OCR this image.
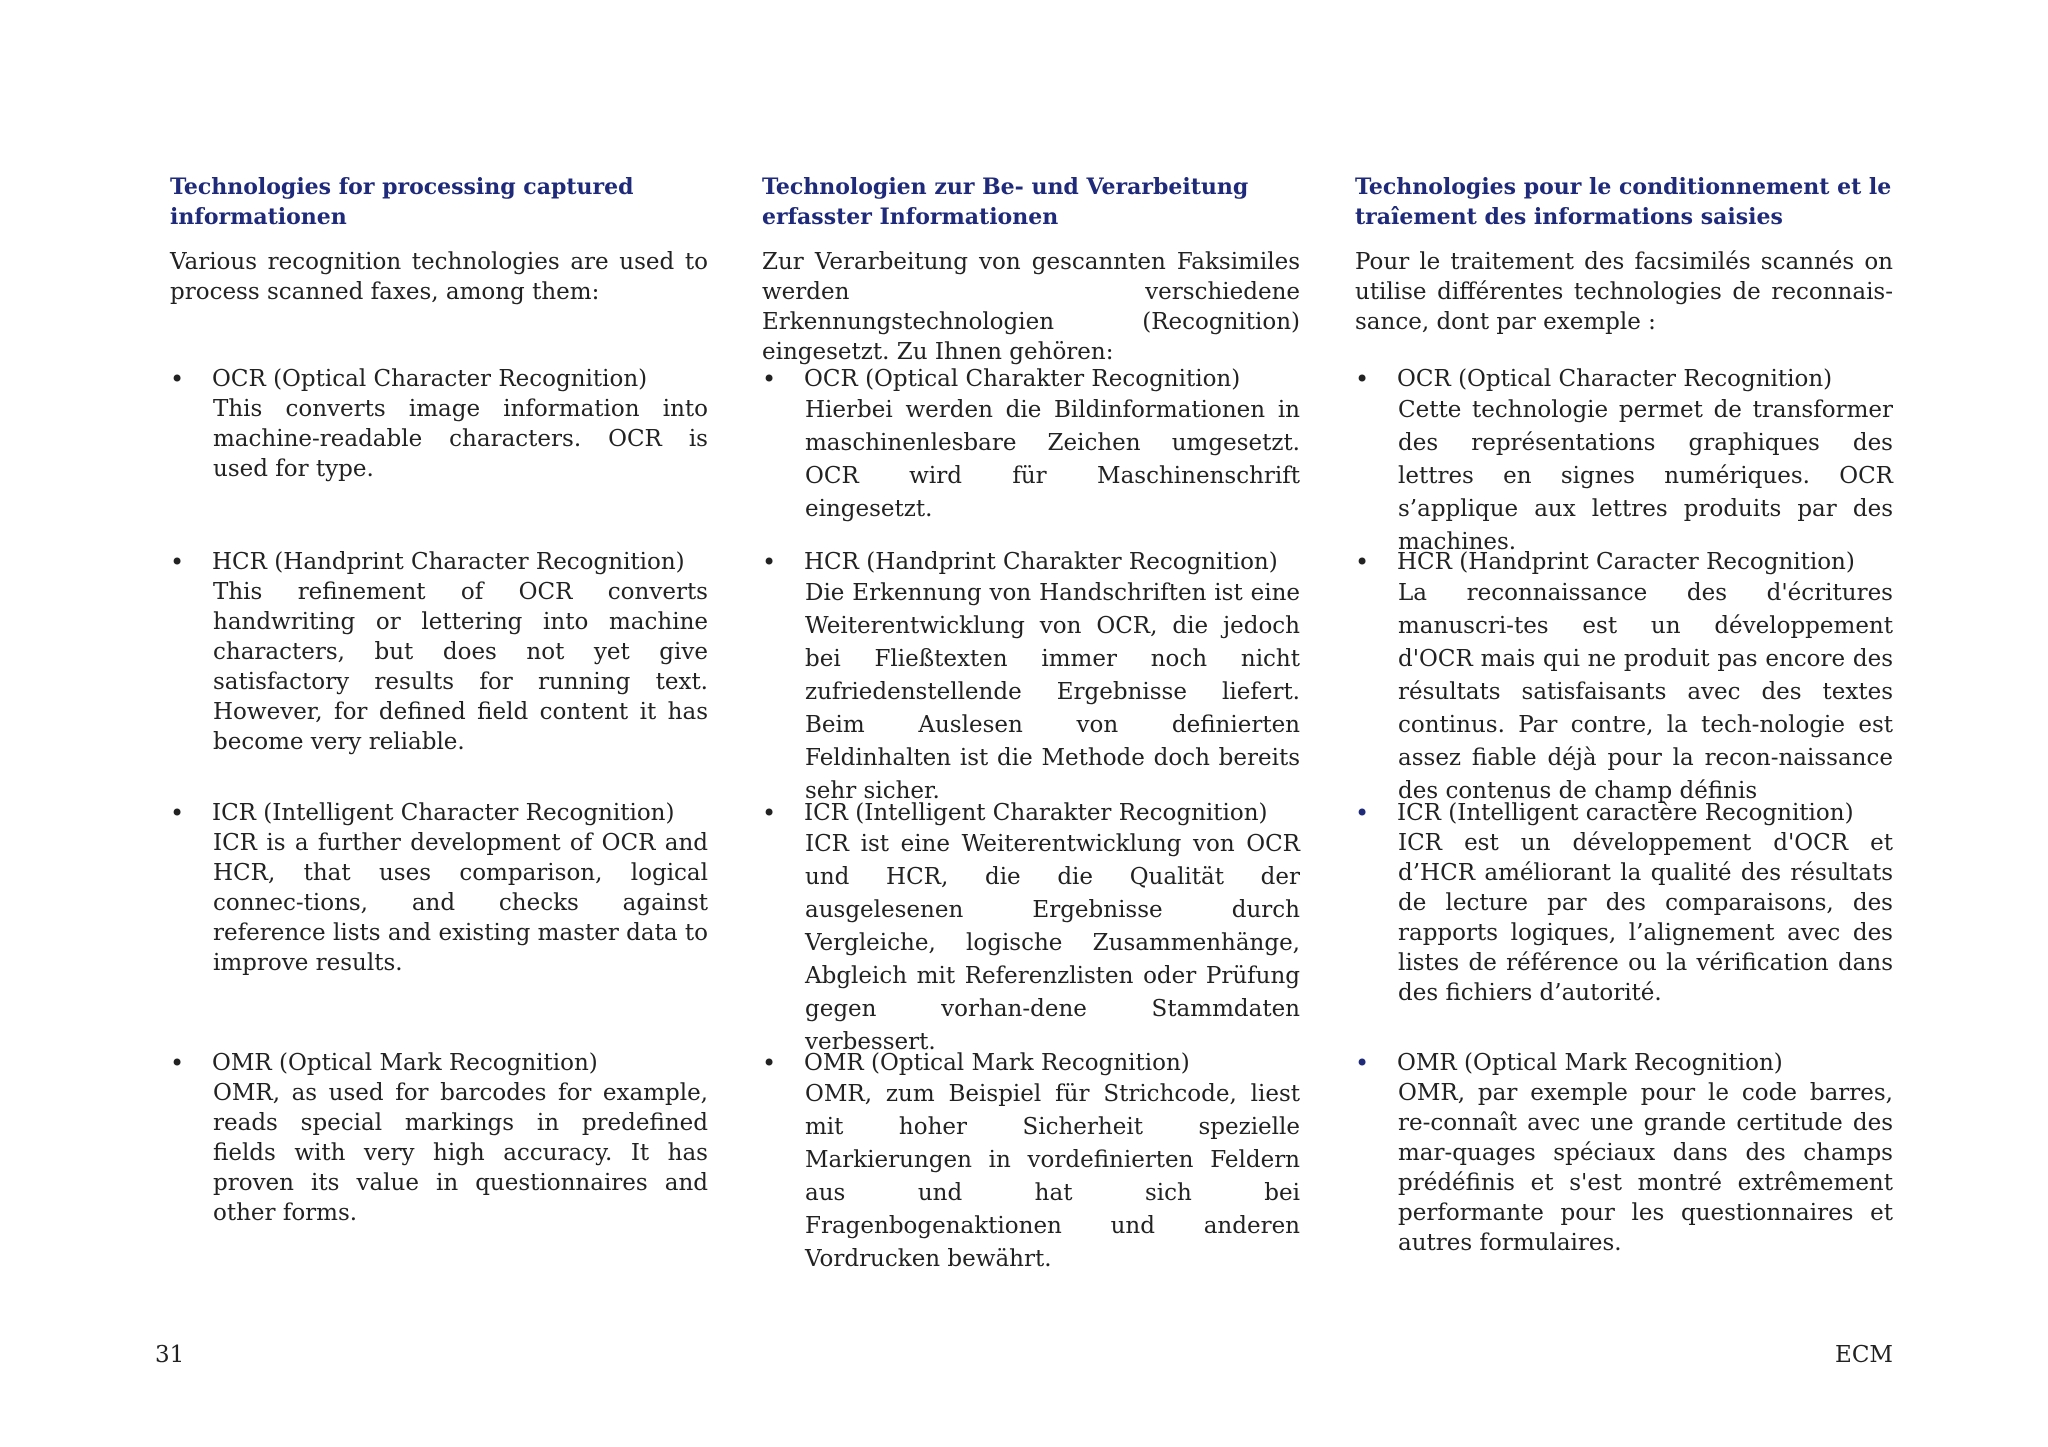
Technologies for processing captured informationen

Various recognition technologies are used to process scanned faxes, among them:

• OCR (Optical Character Recognition)

This converts image information into machine-readable characters. OCR is used for type.

• HCR (Handprint Character Recognition)

This refinement of OCR converts handwriting or lettering into machine characters, but does not yet give satisfactory results for running text. However, for defined field content it has become very reliable.

• ICR (Intelligent Character Recognition)

ICR is a further development of OCR and HCR, that uses comparison, logical connec-tions, and checks against reference lists and existing master data to improve results.

• OMR (Optical Mark Recognition)

OMR, as used for barcodes for example, reads special markings in predefined fields with very high accuracy. It has proven its value in questionnaires and other forms.

Technologien zur Be- und Verarbeitung erfasster Informationen

Zur Verarbeitung von gescannten Faksimiles werden verschiedene Erkennungstechnologien (Recognition) eingesetzt. Zu Ihnen gehören:

• OCR (Optical Charakter Recognition)

Hierbei werden die Bildinformationen in maschinenlesbare Zeichen umgesetzt. OCR wird für Maschinenschrift eingesetzt.

• HCR (Handprint Charakter Recognition)

Die Erkennung von Handschriften ist eine Weiterentwicklung von OCR, die jedoch bei Fließtexten immer noch nicht zufriedenstellende Ergebnisse liefert. Beim Auslesen von definierten Feldinhalten ist die Methode doch bereits sehr sicher.

• ICR (Intelligent Charakter Recognition)

ICR ist eine Weiterentwicklung von OCR und HCR, die die Qualität der ausgelesenen Ergebnisse durch Vergleiche, logische Zusammenhänge, Abgleich mit Referenzlisten oder Prüfung gegen vorhan-dene Stammdaten verbessert.

• OMR (Optical Mark Recognition)

OMR, zum Beispiel für Strichcode, liest mit hoher Sicherheit spezielle Markierungen in vordefinierten Feldern aus und hat sich bei Fragenbogenaktionen und anderen Vordrucken bewährt.

Technologies pour le conditionnement et le traîement des informations saisies

Pour le traitement des facsimilés scannés on utilise différentes technologies de reconnais-sance, dont par exemple :

• OCR (Optical Character Recognition)

Cette technologie permet de transformer des représentations graphiques des lettres en signes numériques. OCR s’applique aux lettres produits par des machines.

• HCR (Handprint Caracter Recognition)

La reconnaissance des d'écritures manuscri-tes est un développement d'OCR mais qui ne produit pas encore des résultats satisfaisants avec des textes continus. Par contre, la tech-nologie est assez fiable déjà pour la recon-naissance des contenus de champ définis

• ICR (Intelligent caractère Recognition)

ICR est un développement d'OCR et d’HCR améliorant la qualité des résultats de lecture par des comparaisons, des rapports logiques, l’alignement avec des listes de référence ou la vérification dans des fichiers d’autorité.

• OMR (Optical Mark Recognition)

OMR, par exemple pour le code barres, re-connaît avec une grande certitude des mar-quages spéciaux dans des champs prédéfinis et s'est montré extrêmement performante pour les questionnaires et autres formulaires.

31	ECM
